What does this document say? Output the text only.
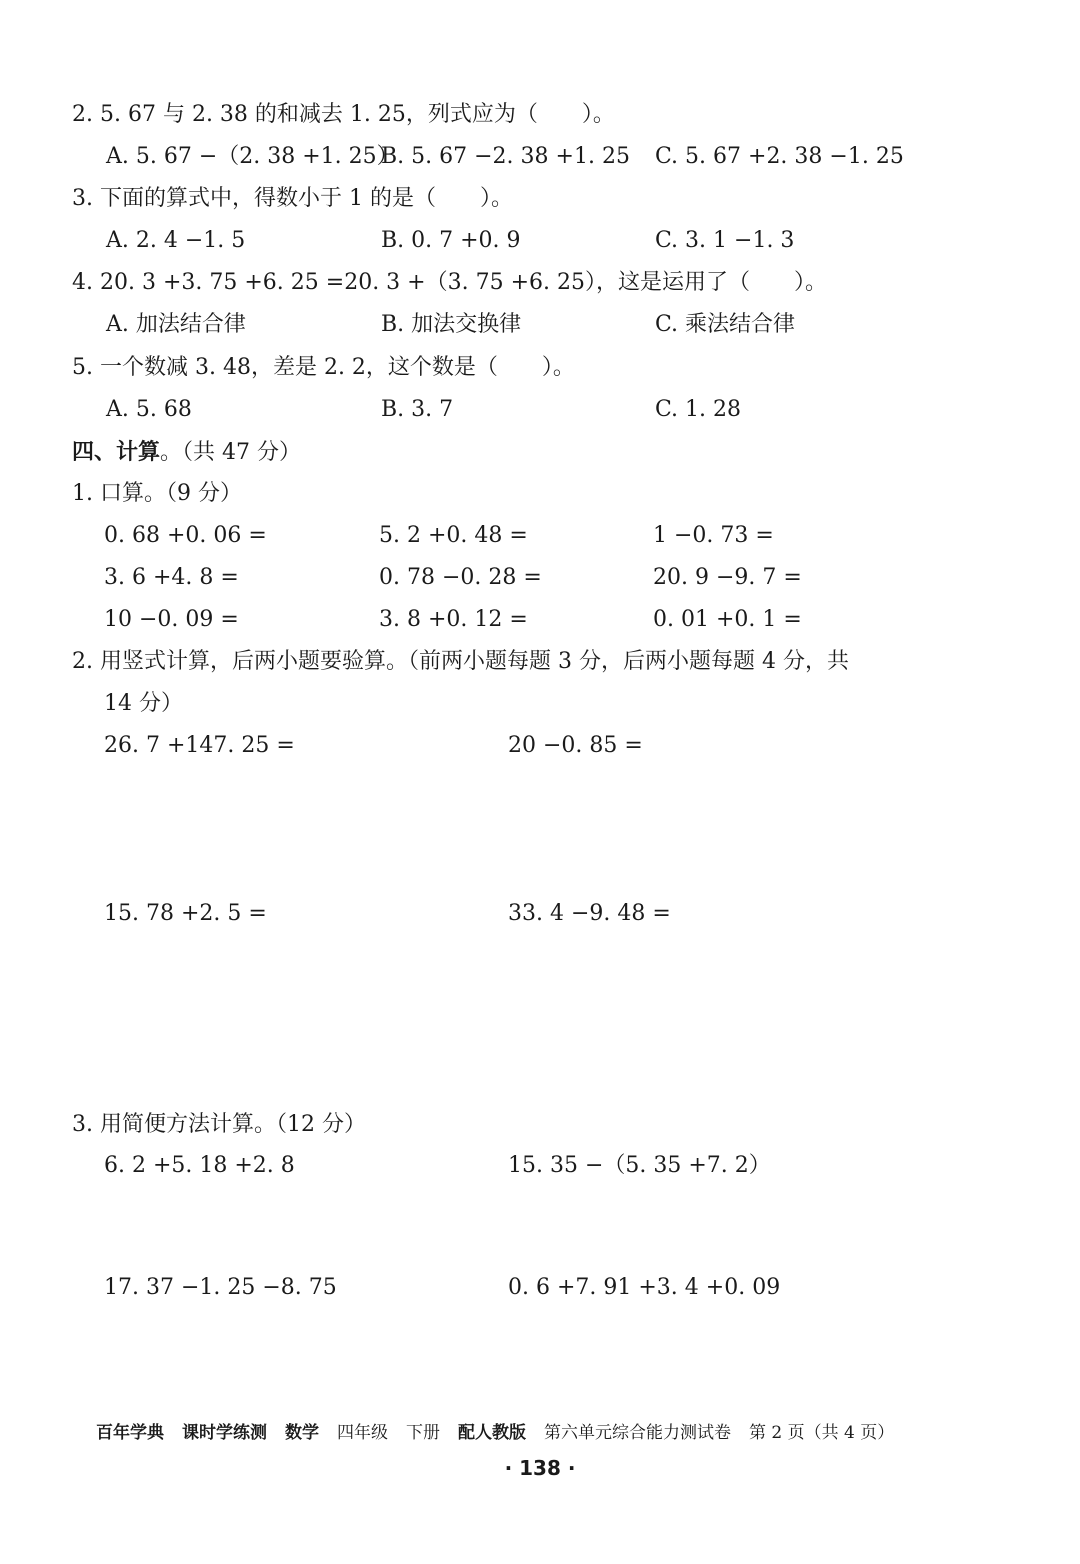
2. 5. 67 与 2. 38 的和减去 1. 25，列式应为（　　）。
A. 5. 67 −（2. 38 +1. 25）
B. 5. 67 −2. 38 +1. 25 C. 5. 67 +2. 38 −1. 25
3. 下面的算式中，得数小于 1 的是（　　）。
A. 2. 4 −1. 5	B. 0. 7 +0. 9	C. 3. 1 −1. 3
4. 20. 3 +3. 75 +6. 25 =20. 3 +（3. 75 +6. 25），这是运用了（　　）。
A. 加法结合律	B. 加法交换律	C. 乘法结合律
5. 一个数减 3. 48，差是 2. 2，这个数是（　　）。
A. 5. 68	B. 3. 7	C. 1. 28
四、计算。（共 47 分）
1. 口算。（9 分）
0. 68 +0. 06 =	5. 2 +0. 48 =	1 −0. 73 =
3. 6 +4. 8 =	0. 78 −0. 28 =	20. 9 −9. 7 =
10 −0. 09 =	3. 8 +0. 12 =	0. 01 +0. 1 =
2. 用竖式计算，后两小题要验算。（前两小题每题 3 分，后两小题每题 4 分，共
14 分）
26. 7 +147. 25 =	20 −0. 85 =
15. 78 +2. 5 =	33. 4 −9. 48 =
3. 用简便方法计算。（12 分）
6. 2 +5. 18 +2. 8	15. 35 −（5. 35 +7. 2）
17. 37 −1. 25 −8. 75	0. 6 +7. 91 +3. 4 +0. 09
百年学典 课时学练测 数学 四年级 下册 配人教版 第六单元综合能力测试卷 第 2 页（共 4 页）
· 138 ·
